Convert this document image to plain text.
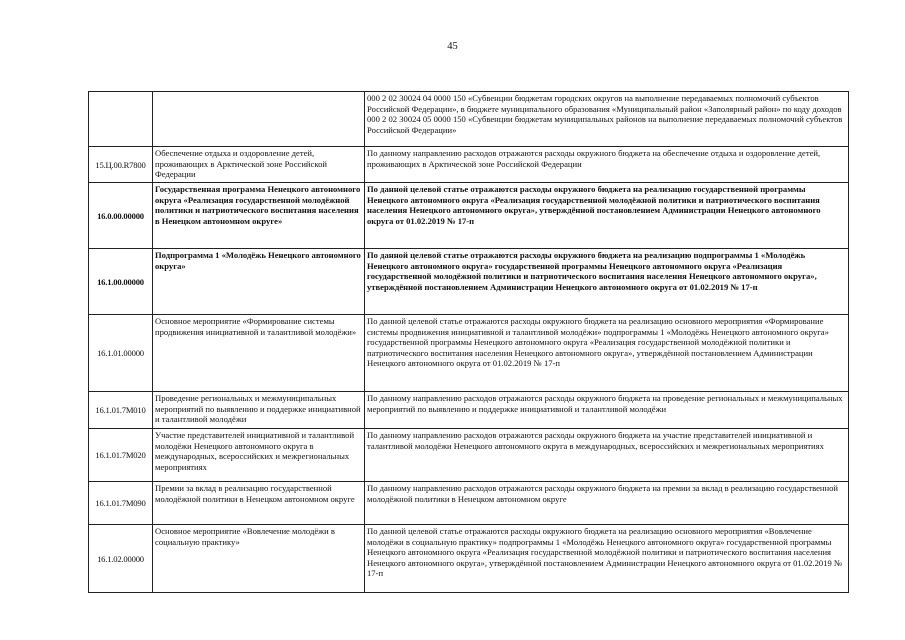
45
		000 2 02 30024 04 0000 150 «Субвенции бюджетам городских округов на выполнение передаваемых полномочий субъектов Российской Федерации», в бюджете муниципального образования «Муниципальный район «Заполярный район» по коду доходов 000 2 02 30024 05 0000 150 «Субвенции бюджетам муниципальных районов на выполнение передаваемых полномочий субъектов Российской Федерации»
15.Ц.00.R7800	Обеспечение отдыха и оздоровление детей, проживающих в Арктической зоне Российской Федерации	По данному направлению расходов отражаются расходы окружного бюджета на обеспечение отдыха и оздоровление детей, проживающих в Арктической зоне Российской Федерации
16.0.00.00000	Государственная программа Ненецкого автономного округа «Реализация государственной молодёжной политики и патриотического воспитания населения в Ненецком автономном округе»	По данной целевой статье отражаются расходы окружного бюджета на реализацию государственной программы Ненецкого автономного округа «Реализация государственной молодёжной политики и патриотического воспитания населения Ненецкого автономного округа», утверждённой постановлением Администрации Ненецкого автономного округа от 01.02.2019 № 17-п
16.1.00.00000	Подпрограмма 1 «Молодёжь Ненецкого автономного округа»	По данной целевой статье отражаются расходы окружного бюджета на реализацию подпрограммы 1 «Молодёжь Ненецкого автономного округа» государственной программы Ненецкого автономного округа «Реализация государственной молодёжной политики и патриотического воспитания населения Ненецкого автономного округа», утверждённой постановлением Администрации Ненецкого автономного округа от 01.02.2019 № 17-п
16.1.01.00000	Основное мероприятие «Формирование системы продвижения инициативной и талантливой молодёжи»	По данной целевой статье отражаются расходы окружного бюджета на реализацию основного мероприятия «Формирование системы продвижения инициативной и талантливой молодёжи» подпрограммы 1 «Молодёжь Ненецкого автономного округа» государственной программы Ненецкого автономного округа «Реализация государственной молодёжной политики и патриотического воспитания населения Ненецкого автономного округа», утверждённой постановлением Администрации Ненецкого автономного округа от 01.02.2019 № 17-п
16.1.01.7М010	Проведение региональных и межмуниципальных мероприятий по выявлению и поддержке инициативной и талантливой молодёжи	По данному направлению расходов отражаются расходы окружного бюджета на проведение региональных и межмуниципальных мероприятий по выявлению и поддержке инициативной и талантливой молодёжи
16.1.01.7М020	Участие представителей инициативной и талантливой молодёжи Ненецкого автономного округа в международных, всероссийских и межрегиональных мероприятиях	По данному направлению расходов отражаются расходы окружного бюджета на участие представителей инициативной и талантливой молодёжи Ненецкого автономного округа в международных, всероссийских и межрегиональных мероприятиях
16.1.01.7М090	Премии за вклад в реализацию государственной молодёжной политики в Ненецком автономном округе	По данному направлению расходов отражаются расходы окружного бюджета на премии за вклад в реализацию государственной молодёжной политики в Ненецком автономном округе
16.1.02.00000	Основное мероприятие «Вовлечение молодёжи в социальную практику»	По данной целевой статье отражаются расходы окружного бюджета на реализацию основного мероприятия «Вовлечение молодёжи в социальную практику» подпрограммы 1 «Молодёжь Ненецкого автономного округа» государственной программы Ненецкого автономного округа «Реализация государственной молодёжной политики и патриотического воспитания населения Ненецкого автономного округа», утверждённой постановлением Администрации Ненецкого автономного округа от 01.02.2019 № 17-п
